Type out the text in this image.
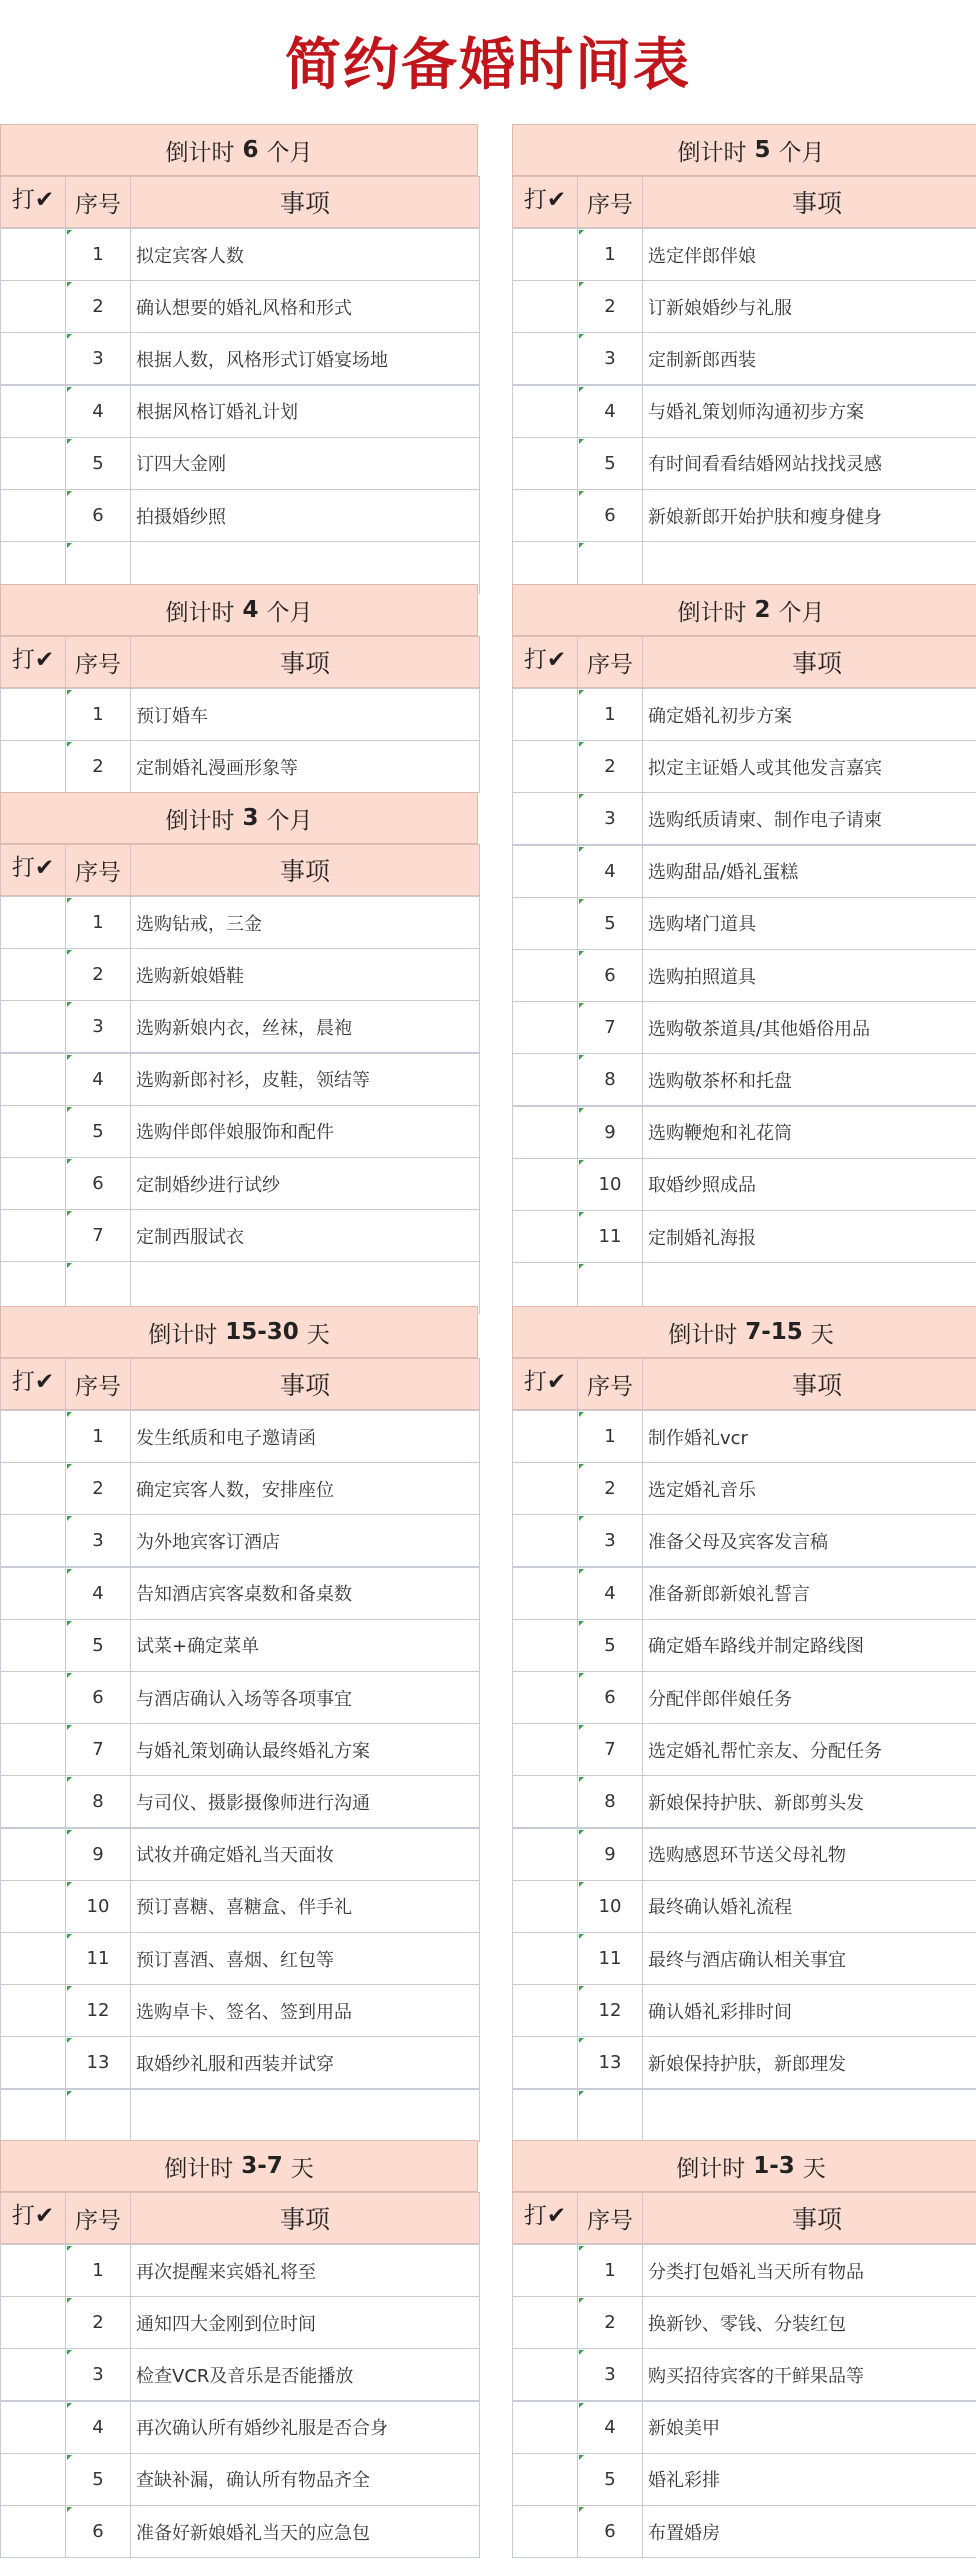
简约备婚时间表
倒计时 6 个月
打✔ 序号	事项
1	拟定宾客人数
2	确认想要的婚礼风格和形式
3	根据人数，风格形式订婚宴场地
4	根据风格订婚礼计划
5	订四大金刚
6	拍摄婚纱照
倒计时 5 个月
打✔ 序号	事项
1	选定伴郎伴娘
2	订新娘婚纱与礼服
3	定制新郎西装
4	与婚礼策划师沟通初步方案
5	有时间看看结婚网站找找灵感
6	新娘新郎开始护肤和瘦身健身
倒计时 4 个月
打✔ 序号	事项
1	预订婚车
2	定制婚礼漫画形象等
倒计时 2 个月
打✔ 序号	事项
1	确定婚礼初步方案
2	拟定主证婚人或其他发言嘉宾
3	选购纸质请柬、制作电子请柬
4	选购甜品/婚礼蛋糕
5	选购堵门道具
6	选购拍照道具
7	选购敬茶道具/其他婚俗用品
8	选购敬茶杯和托盘
9	选购鞭炮和礼花筒
10	取婚纱照成品
11	定制婚礼海报
倒计时 3 个月
打✔ 序号	事项
1	选购钻戒，三金
2	选购新娘婚鞋
3	选购新娘内衣，丝袜，晨袍
4	选购新郎衬衫，皮鞋，领结等
5	选购伴郎伴娘服饰和配件
6	定制婚纱进行试纱
7	定制西服试衣
倒计时 15-30 天
打✔ 序号	事项
1	发生纸质和电子邀请函
2	确定宾客人数，安排座位
3	为外地宾客订酒店
4	告知酒店宾客桌数和备桌数
5	试菜+确定菜单
6	与酒店确认入场等各项事宜
7	与婚礼策划确认最终婚礼方案
8	与司仪、摄影摄像师进行沟通
9	试妆并确定婚礼当天面妆
10	预订喜糖、喜糖盒、伴手礼
11	预订喜酒、喜烟、红包等
12	选购卓卡、签名、签到用品
13	取婚纱礼服和西装并试穿
倒计时 7-15 天
打✔ 序号	事项
1	制作婚礼vcr
2	选定婚礼音乐
3	准备父母及宾客发言稿
4	准备新郎新娘礼誓言
5	确定婚车路线并制定路线图
6	分配伴郎伴娘任务
7	选定婚礼帮忙亲友、分配任务
8	新娘保持护肤、新郎剪头发
9	选购感恩环节送父母礼物
10	最终确认婚礼流程
11	最终与酒店确认相关事宜
12	确认婚礼彩排时间
13	新娘保持护肤，新郎理发
倒计时 3-7 天
打✔ 序号	事项
1	再次提醒来宾婚礼将至
2	通知四大金刚到位时间
3	检查VCR及音乐是否能播放
4	再次确认所有婚纱礼服是否合身
5	查缺补漏，确认所有物品齐全
6	准备好新娘婚礼当天的应急包
倒计时 1-3 天
打✔ 序号	事项
1	分类打包婚礼当天所有物品
2	换新钞、零钱、分装红包
3	购买招待宾客的干鲜果品等
4	新娘美甲
5	婚礼彩排
6	布置婚房
